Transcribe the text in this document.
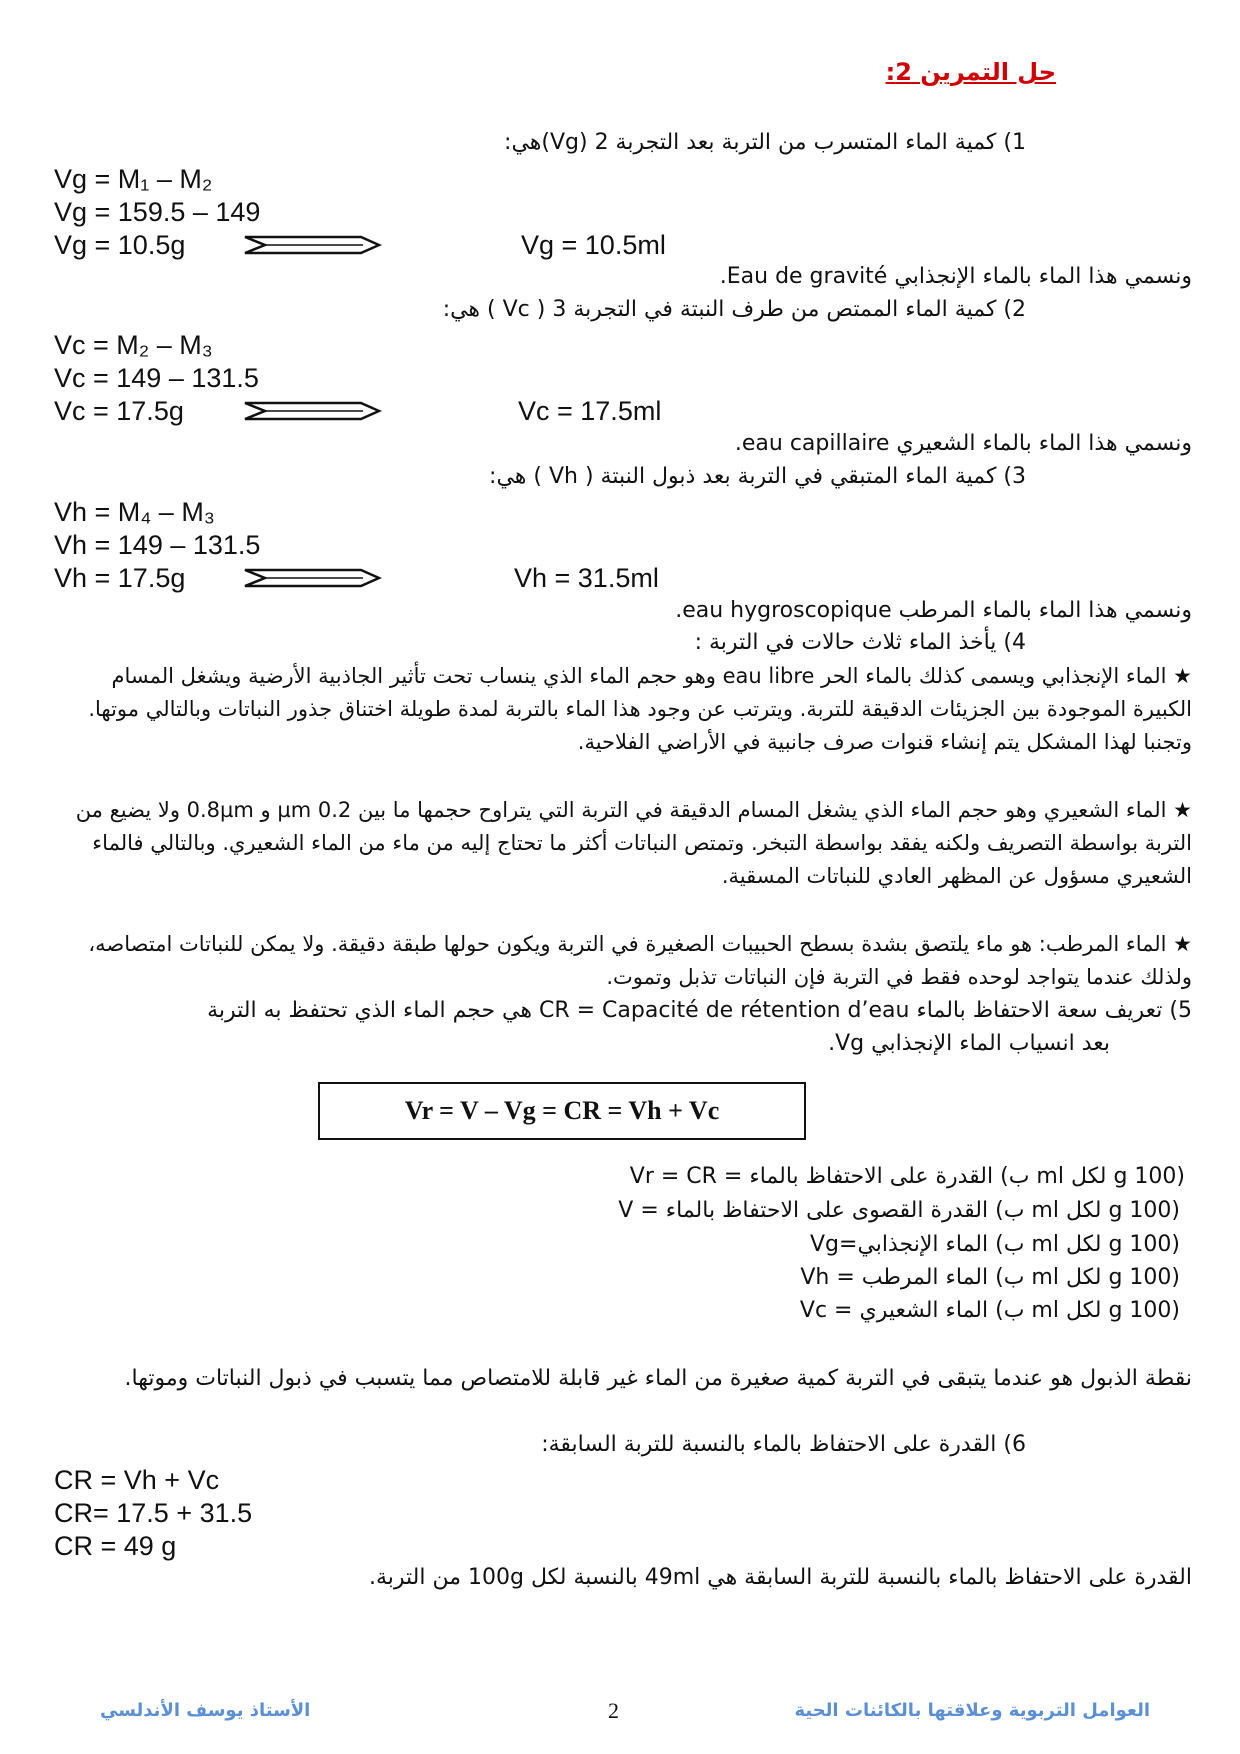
حل التمرين 2:
1) كمية الماء المتسرب من التربة بعد التجربة 2 (Vg)هي:
Vg = M₁ – M₂
Vg = 159.5 – 149
Vg = 10.5g	Vg = 10.5ml
ونسمي هذا الماء بالماء الإنجذابي Eau de gravité.
2) كمية الماء الممتص من طرف النبتة في التجربة 3 ( Vc ) هي:
Vc = M₂ – M₃
Vc = 149 – 131.5
Vc = 17.5g	Vc = 17.5ml
ونسمي هذا الماء بالماء الشعيري eau capillaire.
3) كمية الماء المتبقي في التربة بعد ذبول النبتة ( Vh ) هي:
Vh = M₄ – M₃
Vh = 149 – 131.5
Vh = 17.5g	Vh = 31.5ml
ونسمي هذا الماء بالماء المرطب eau hygroscopique.
4) يأخذ الماء ثلاث حالات في التربة :
★ الماء الإنجذابي ويسمى كذلك بالماء الحر eau libre وهو حجم الماء الذي ينساب تحت تأثير الجاذبية الأرضية ويشغل المسام الكبيرة الموجودة بين الجزيئات الدقيقة للتربة. ويترتب عن وجود هذا الماء بالتربة لمدة طويلة اختناق جذور النباتات وبالتالي موتها. وتجنبا لهذا المشكل يتم إنشاء قنوات صرف جانبية في الأراضي الفلاحية.
★ الماء الشعيري وهو حجم الماء الذي يشغل المسام الدقيقة في التربة التي يتراوح حجمها ما بين 0.2 µm و 0.8µm ولا يضيع من التربة بواسطة التصريف ولكنه يفقد بواسطة التبخر. وتمتص النباتات أكثر ما تحتاج إليه من ماء من الماء الشعيري. وبالتالي فالماء الشعيري مسؤول عن المظهر العادي للنباتات المسقية.
★ الماء المرطب: هو ماء يلتصق بشدة بسطح الحبيبات الصغيرة في التربة ويكون حولها طبقة دقيقة. ولا يمكن للنباتات امتصاصه، ولذلك عندما يتواجد لوحده فقط في التربة فإن النباتات تذبل وتموت.
5) تعريف سعة الاحتفاظ بالماء CR = Capacité de rétention d’eau هي حجم الماء الذي تحتفظ به التربة
بعد انسياب الماء الإنجذابي Vg.
Vr = V – Vg = CR = Vh + Vc
Vr = CR = القدرة على الاحتفاظ بالماء (ب ml لكل g 100)
V = القدرة القصوى على الاحتفاظ بالماء (ب ml لكل g 100)
Vg=الماء الإنجذابي (ب ml لكل g 100)
Vh = الماء المرطب (ب ml لكل g 100)
Vc = الماء الشعيري (ب ml لكل g 100)
نقطة الذبول هو عندما يتبقى في التربة كمية صغيرة من الماء غير قابلة للامتصاص مما يتسبب في ذبول النباتات وموتها.
6) القدرة على الاحتفاظ بالماء بالنسبة للتربة السابقة:
CR = Vh + Vc
CR= 17.5 + 31.5
CR = 49 g
القدرة على الاحتفاظ بالماء بالنسبة للتربة السابقة هي 49ml بالنسبة لكل 100g من التربة.
الأستاذ يوسف الأندلسي	2	العوامل التربوية وعلاقتها بالكائنات الحية
